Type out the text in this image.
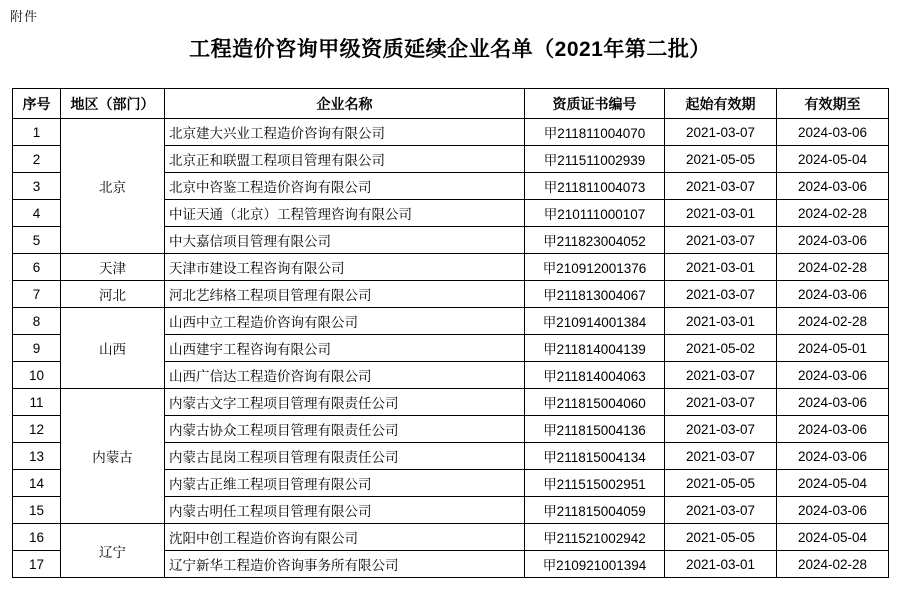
附件
工程造价咨询甲级资质延续企业名单（2021年第二批）
序号	地区（部门）	企业名称	资质证书编号	起始有效期	有效期至
1	北京	北京建大兴业工程造价咨询有限公司	甲211811004070	2021-03-07	2024-03-06
2		北京正和联盟工程项目管理有限公司	甲211511002939	2021-05-05	2024-05-04
3		北京中咨鉴工程造价咨询有限公司	甲211811004073	2021-03-07	2024-03-06
4		中证天通（北京）工程管理咨询有限公司	甲210111000107	2021-03-01	2024-02-28
5		中大嘉信项目管理有限公司	甲211823004052	2021-03-07	2024-03-06
6	天津	天津市建设工程咨询有限公司	甲210912001376	2021-03-01	2024-02-28
7	河北	河北艺纬格工程项目管理有限公司	甲211813004067	2021-03-07	2024-03-06
8	山西	山西中立工程造价咨询有限公司	甲210914001384	2021-03-01	2024-02-28
9		山西建宇工程咨询有限公司	甲211814004139	2021-05-02	2024-05-01
10		山西广信达工程造价咨询有限公司	甲211814004063	2021-03-07	2024-03-06
11	内蒙古	内蒙古文字工程项目管理有限责任公司	甲211815004060	2021-03-07	2024-03-06
12		内蒙古协众工程项目管理有限责任公司	甲211815004136	2021-03-07	2024-03-06
13		内蒙古昆岗工程项目管理有限责任公司	甲211815004134	2021-03-07	2024-03-06
14		内蒙古正维工程项目管理有限公司	甲211515002951	2021-05-05	2024-05-04
15		内蒙古明任工程项目管理有限公司	甲211815004059	2021-03-07	2024-03-06
16	辽宁	沈阳中创工程造价咨询有限公司	甲211521002942	2021-05-05	2024-05-04
17		辽宁新华工程造价咨询事务所有限公司	甲210921001394	2021-03-01	2024-02-28
